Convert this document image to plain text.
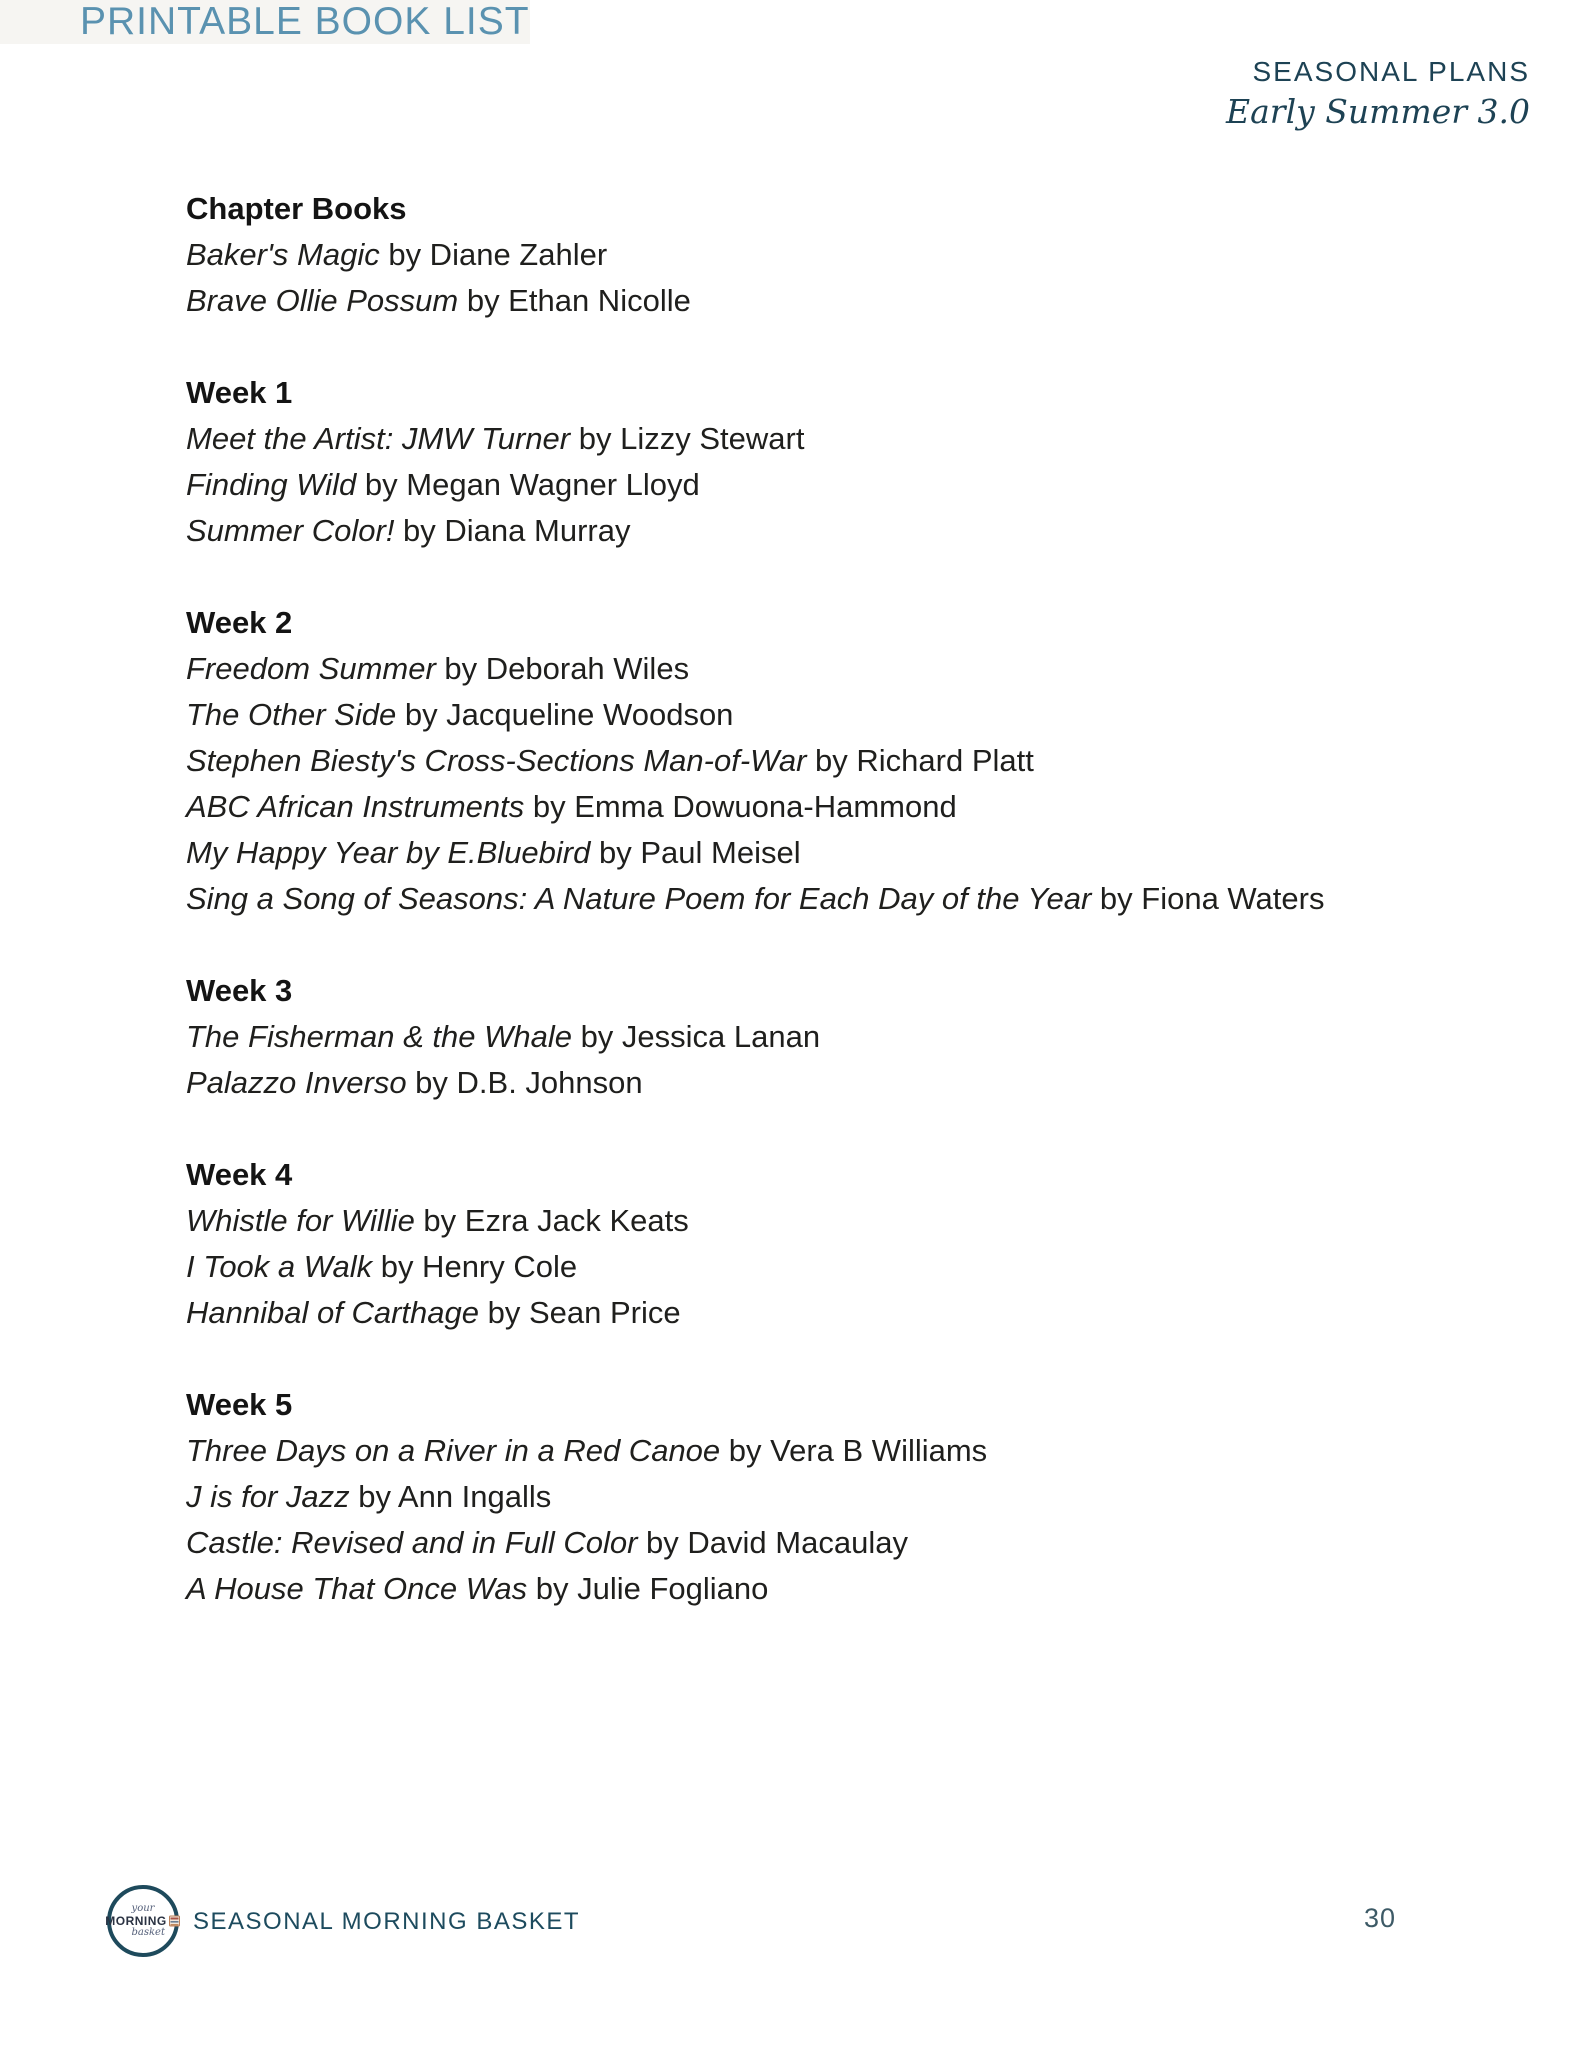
PRINTABLE BOOK LIST
SEASONAL PLANS
Early Summer 3.0
Chapter Books
Baker's Magic by Diane Zahler
Brave Ollie Possum by Ethan Nicolle
Week 1
Meet the Artist: JMW Turner by Lizzy Stewart
Finding Wild by Megan Wagner Lloyd
Summer Color! by Diana Murray
Week 2
Freedom Summer by Deborah Wiles
The Other Side by Jacqueline Woodson
Stephen Biesty's Cross-Sections Man-of-War by Richard Platt
ABC African Instruments by Emma Dowuona-Hammond
My Happy Year by E.Bluebird by Paul Meisel
Sing a Song of Seasons: A Nature Poem for Each Day of the Year by Fiona Waters
Week 3
The Fisherman & the Whale by Jessica Lanan
Palazzo Inverso by D.B. Johnson
Week 4
Whistle for Willie by Ezra Jack Keats
I Took a Walk by Henry Cole
Hannibal of Carthage by Sean Price
Week 5
Three Days on a River in a Red Canoe by Vera B Williams
J is for Jazz by Ann Ingalls
Castle: Revised and in Full Color by David Macaulay
A House That Once Was by Julie Fogliano
your
MORNING
basket SEASONAL MORNING BASKET	30
